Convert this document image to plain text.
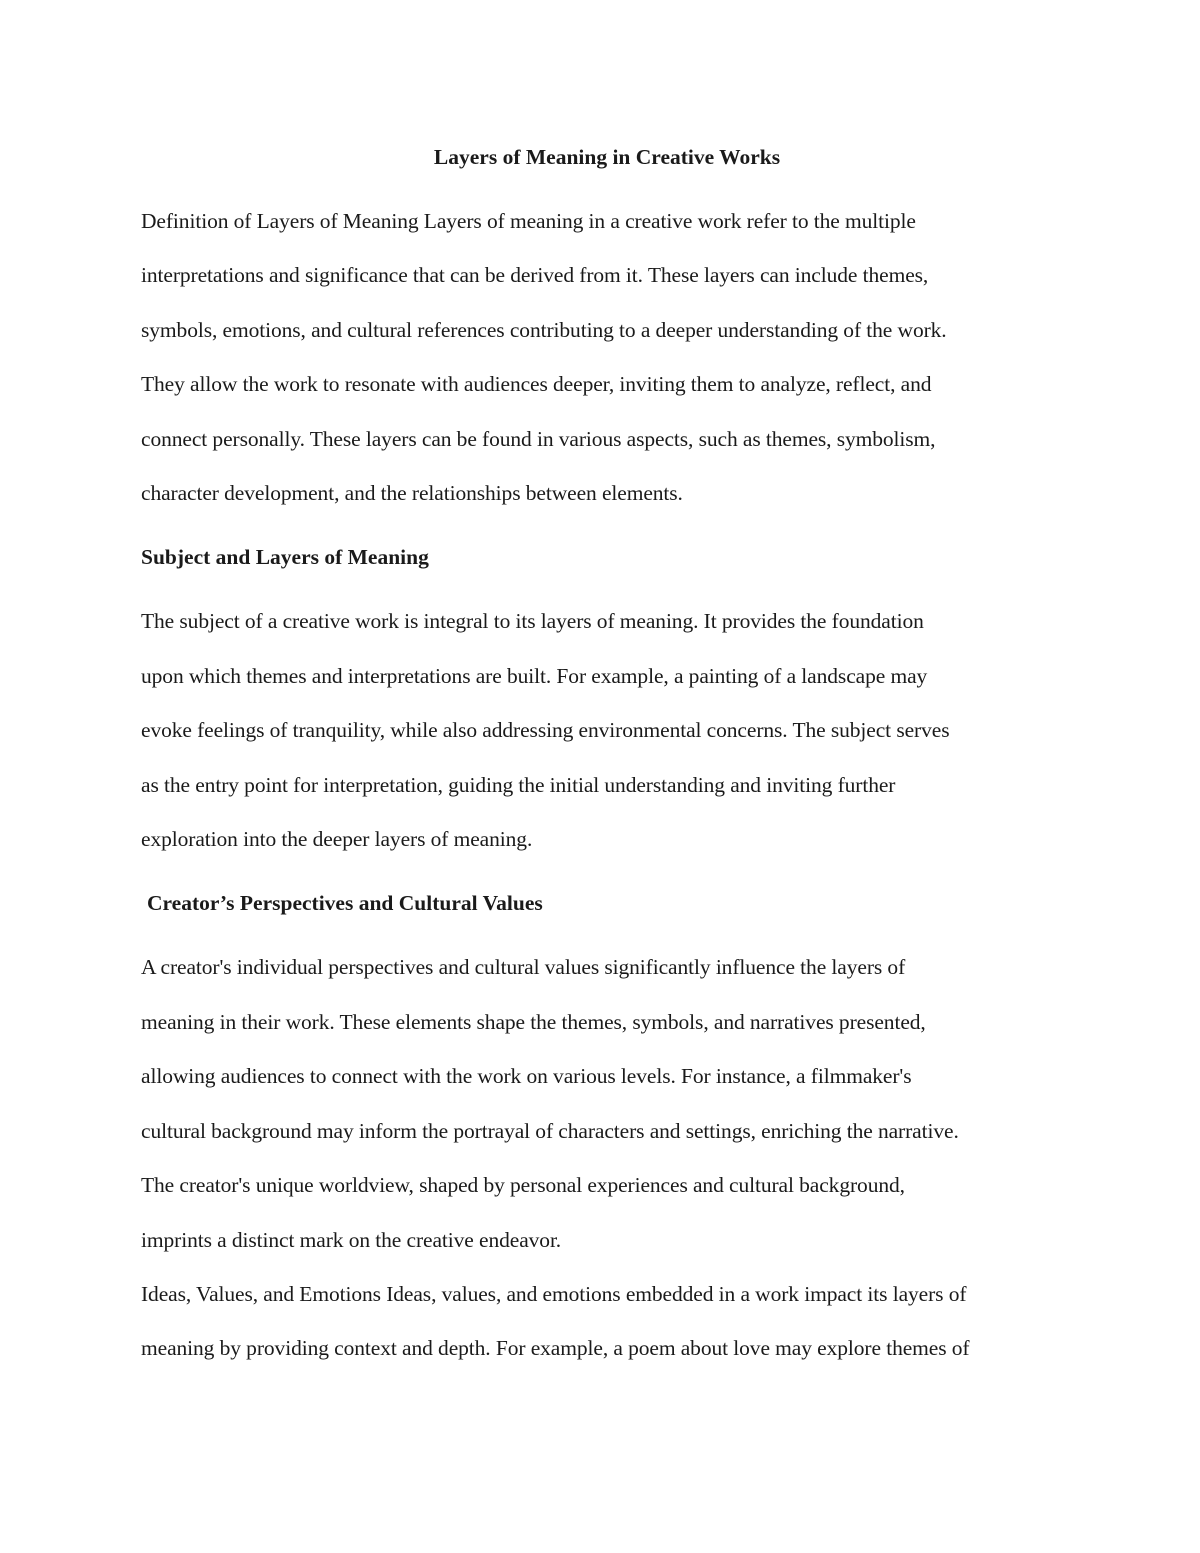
Layers of Meaning in Creative Works

Definition of Layers of Meaning Layers of meaning in a creative work refer to the multiple
interpretations and significance that can be derived from it. These layers can include themes,
symbols, emotions, and cultural references contributing to a deeper understanding of the work.
They allow the work to resonate with audiences deeper, inviting them to analyze, reflect, and
connect personally. These layers can be found in various aspects, such as themes, symbolism,
character development, and the relationships between elements.

Subject and Layers of Meaning

The subject of a creative work is integral to its layers of meaning. It provides the foundation
upon which themes and interpretations are built. For example, a painting of a landscape may
evoke feelings of tranquility, while also addressing environmental concerns. The subject serves
as the entry point for interpretation, guiding the initial understanding and inviting further
exploration into the deeper layers of meaning.

Creator’s Perspectives and Cultural Values

A creator's individual perspectives and cultural values significantly influence the layers of
meaning in their work. These elements shape the themes, symbols, and narratives presented,
allowing audiences to connect with the work on various levels. For instance, a filmmaker's
cultural background may inform the portrayal of characters and settings, enriching the narrative.
The creator's unique worldview, shaped by personal experiences and cultural background,
imprints a distinct mark on the creative endeavor.

Ideas, Values, and Emotions Ideas, values, and emotions embedded in a work impact its layers of
meaning by providing context and depth. For example, a poem about love may explore themes of
